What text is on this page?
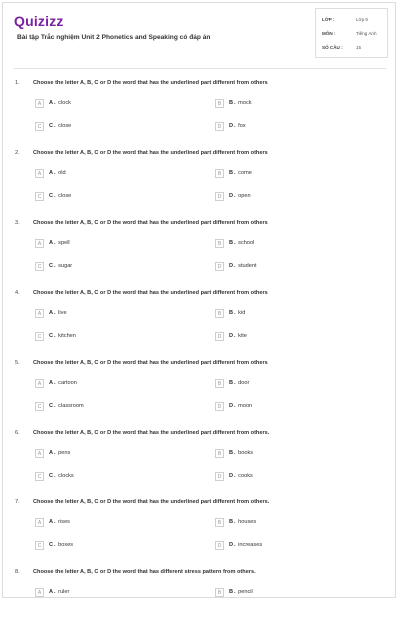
Quizizz
Bài tập Trắc nghiệm Unit 2 Phonetics and Speaking có đáp án
LỚP :	Lớp 6
MÔN :	Tiếng Anh
SỐ CÂU :	15
1. Choose the letter A, B, C or D the word that has the underlined part different from others
A	A. clock	B	B. mock
C	C. close	D	D. fox
2. Choose the letter A, B, C or D the word that has the underlined part different from others
A	A. old	B	B. come
C	C. close	D	D. open
3. Choose the letter A, B, C or D the word that has the underlined part different from others
A	A. spell	B	B. school
C	C. sugar	D	D. student
4. Choose the letter A, B, C or D the word that has the underlined part different from others
A	A. live	B	B. kid
C	C. kitchen	D	D. kite
5. Choose the letter A, B, C or D the word that has the underlined part different from others
A	A. cartoon	B	B. door
C	C. classroom	D	D. moon
6. Choose the letter A, B, C or D the word that has the underlined part different from others.
A	A. pens	B	B. books
C	C. clocks	D	D. cooks
7. Choose the letter A, B, C or D the word that has the underlined part different from others.
A	A. rises	B	B. houses
C	C. boxes	D	D. increases
8. Choose the letter A, B, C or D the word that has different stress pattern from others.
A	A. ruler	B	B. pencil
